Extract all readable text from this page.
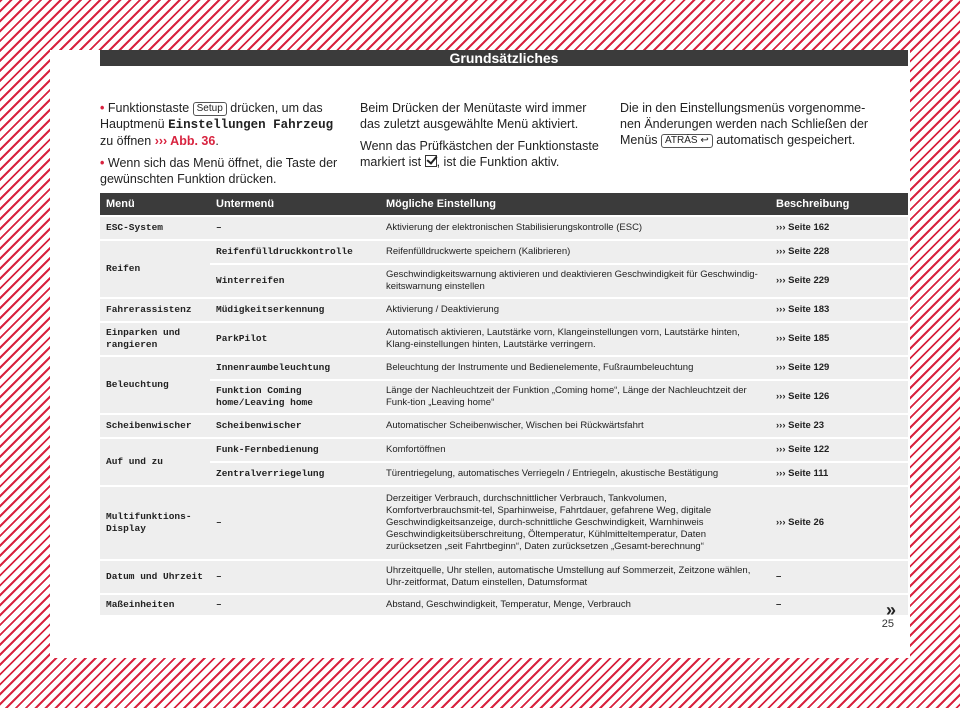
Grundsätzliches

• Funktionstaste Setup drücken, um das Hauptmenü Einstellungen Fahrzeug zu öffnen ››› Abb. 36.

• Wenn sich das Menü öffnet, die Taste der gewünschten Funktion drücken.

Beim Drücken der Menütaste wird immer das zuletzt ausgewählte Menü aktiviert.

Wenn das Prüfkästchen der Funktionstaste markiert ist , ist die Funktion aktiv.

Die in den Einstellungsmenüs vorgenomme-nen Änderungen werden nach Schließen der Menüs ATRÁS ↩ automatisch gespeichert.

Menü	Untermenü	Mögliche Einstellung	Beschreibung
ESC-System	–	Aktivierung der elektronischen Stabilisierungskontrolle (ESC)	››› Seite 162
Reifen	Reifenfülldruckkontrolle	Reifenfülldruckwerte speichern (Kalibrieren)	››› Seite 228
	Winterreifen	Geschwindigkeitswarnung aktivieren und deaktivieren Geschwindigkeit für Geschwindig-keitswarnung einstellen	››› Seite 229
Fahrerassistenz	Müdigkeitserkennung	Aktivierung / Deaktivierung	››› Seite 183
Einparken und rangieren	ParkPilot	Automatisch aktivieren, Lautstärke vorn, Klangeinstellungen vorn, Lautstärke hinten, Klang-einstellungen hinten, Lautstärke verringern.	››› Seite 185
Beleuchtung	Innenraumbeleuchtung	Beleuchtung der Instrumente und Bedienelemente, Fußraumbeleuchtung	››› Seite 129
	Funktion Coming home/Leaving home	Länge der Nachleuchtzeit der Funktion „Coming home“, Länge der Nachleuchtzeit der Funk-tion „Leaving home“	››› Seite 126
Scheibenwischer	Scheibenwischer	Automatischer Scheibenwischer, Wischen bei Rückwärtsfahrt	››› Seite 23
Auf und zu	Funk-Fernbedienung	Komfortöffnen	››› Seite 122
	Zentralverriegelung	Türentriegelung, automatisches Verriegeln / Entriegeln, akustische Bestätigung	››› Seite 111
Multifunktions-Display	–	Derzeitiger Verbrauch, durchschnittlicher Verbrauch, Tankvolumen, Komfortverbrauchsmit-tel, Sparhinweise, Fahrtdauer, gefahrene Weg, digitale Geschwindigkeitsanzeige, durch-schnittliche Geschwindigkeit, Warnhinweis Geschwindigkeitsüberschreitung, Öltemperatur, Kühlmitteltemperatur, Daten zurücksetzen „seit Fahrtbeginn“, Daten zurücksetzen „Gesamt-berechnung“	››› Seite 26
Datum und Uhrzeit	–	Uhrzeitquelle, Uhr stellen, automatische Umstellung auf Sommerzeit, Zeitzone wählen, Uhr-zeitformat, Datum einstellen, Datumsformat	–
Maßeinheiten	–	Abstand, Geschwindigkeit, Temperatur, Menge, Verbrauch	–	»
25
